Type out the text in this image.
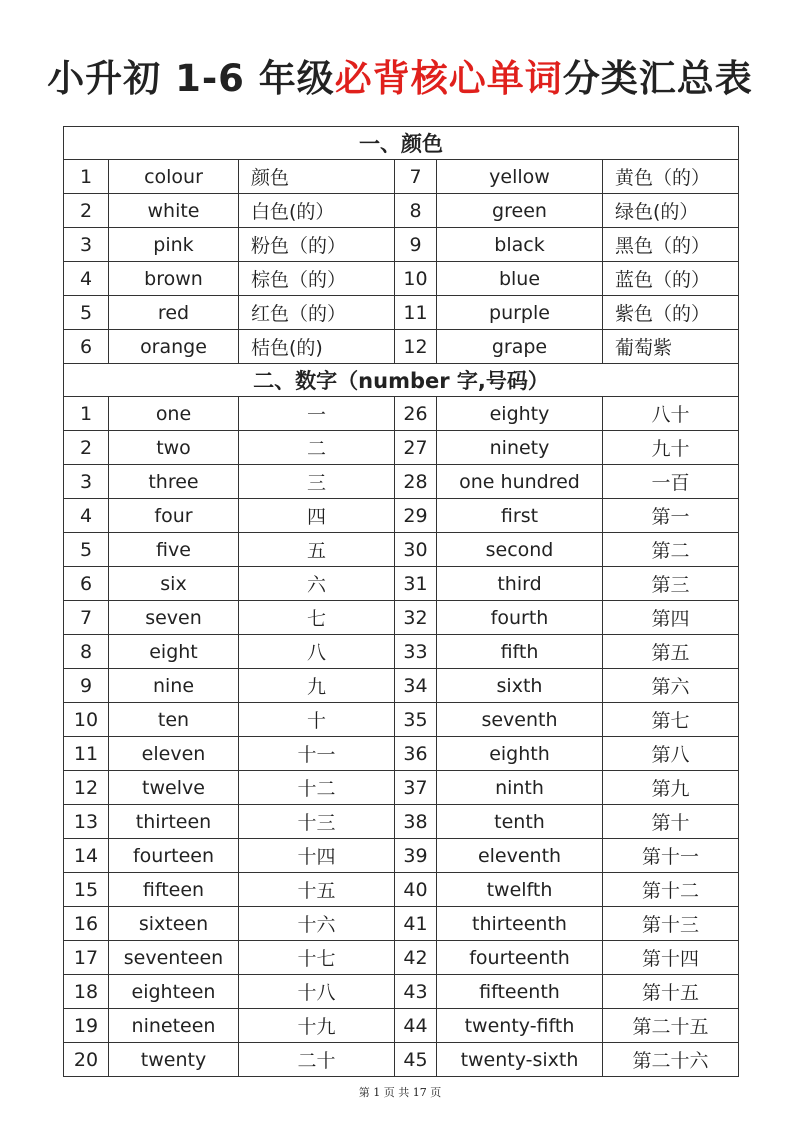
小升初 1-6 年级必背核心单词分类汇总表
一、颜色					
1	colour	颜色	7	yellow	黄色（的）
2	white	白色(的）	8	green	绿色(的）
3	pink	粉色（的）	9	black	黑色（的）
4	brown	棕色（的）	10	blue	蓝色（的）
5	red	红色（的）	11	purple	紫色（的）
6	orange	桔色(的)	12	grape	葡萄紫
二、数字（number 字,号码）					
1	one	一	26	eighty	八十
2	two	二	27	ninety	九十
3	three	三	28	one hundred	一百
4	four	四	29	first	第一
5	five	五	30	second	第二
6	six	六	31	third	第三
7	seven	七	32	fourth	第四
8	eight	八	33	fifth	第五
9	nine	九	34	sixth	第六
10	ten	十	35	seventh	第七
11	eleven	十一	36	eighth	第八
12	twelve	十二	37	ninth	第九
13	thirteen	十三	38	tenth	第十
14	fourteen	十四	39	eleventh	第十一
15	fifteen	十五	40	twelfth	第十二
16	sixteen	十六	41	thirteenth	第十三
17	seventeen	十七	42	fourteenth	第十四
18	eighteen	十八	43	fifteenth	第十五
19	nineteen	十九	44	twenty-fifth	第二十五
20	twenty	二十	45	twenty-sixth	第二十六
第 1 页 共 17 页
